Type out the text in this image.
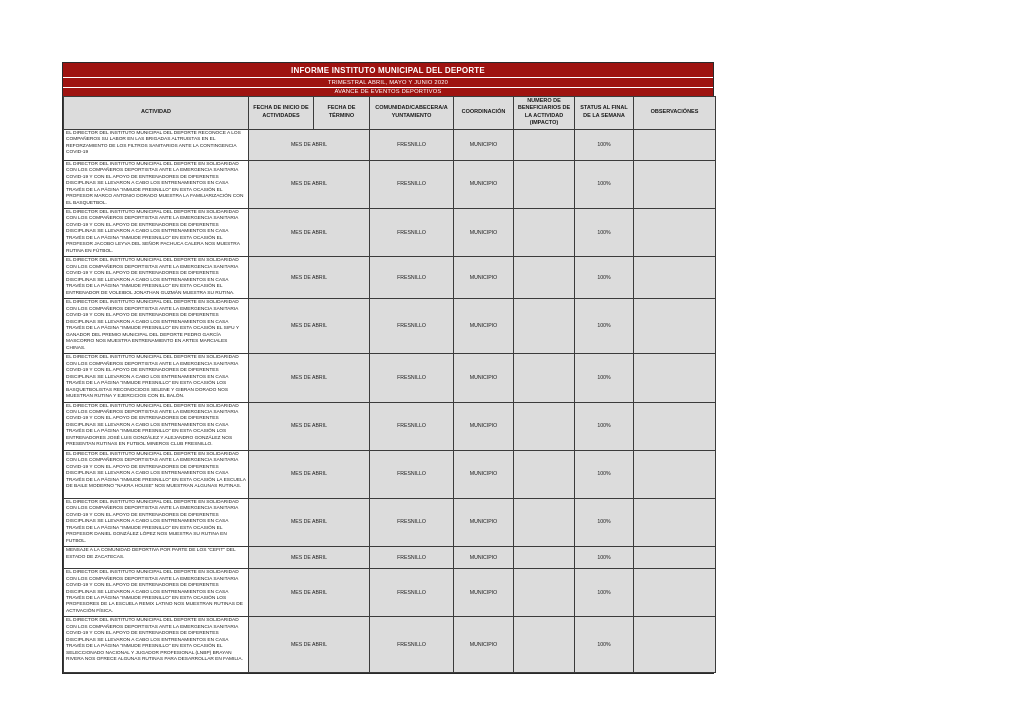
INFORME INSTITUTO MUNICIPAL DEL DEPORTE
TRIMESTRAL ABRIL, MAYO Y JUNIO 2020
AVANCE DE EVENTOS DEPORTIVOS
ACTIVIDAD	FECHA DE INICIO DE ACTIVIDADES	FECHA DE TÉRMINO	COMUNIDAD/CABECERA/A YUNTAMIENTO	COORDINACIÓN	NUMERO DE BENEFICIARIOS DE LA ACTIVIDAD (IMPACTO)	STATUS AL FINAL DE LA SEMANA	OBSERVACIÓNES
EL DIRECTOR DEL INSTITUTO MUNICIPAL DEL DEPORTE RECONOCE A LOS COMPAÑEROS SU LABOR EN LAS BRIGADAS ALTRUISTAS EN EL REFORZAMIENTO DE LOS FILTROS SANITARIOS ANTE LA CONTINGENCIA COVID-19	MES DE ABRIL		FRESNILLO	MUNICIPIO		100%	
EL DIRECTOR DEL INSTITUTO MUNICIPAL DEL DEPORTE EN SOLIDARIDAD CON LOS COMPAÑEROS DEPORTISTAS ANTE LA EMERGENCIA SANITARIA COVID-19 Y CON EL APOYO DE ENTRENADORES DE DIFERENTES DISCIPLINAS SE LLEVARON A CABO LOS ENTRENAMIENTOS EN CASA TRAVÉS DE LA PÁGINA "INMUDE FRESNILLO" EN ESTA OCASIÓN EL PROFESOR MARCO ANTONIO DORADO MUESTRA LA FAMILIARIZACIÓN CON EL BASQUETBOL.	MES DE ABRIL		FRESNILLO	MUNICIPIO		100%	
EL DIRECTOR DEL INSTITUTO MUNICIPAL DEL DEPORTE EN SOLIDARIDAD CON LOS COMPAÑEROS DEPORTISTAS ANTE LA EMERGENCIA SANITARIA COVID-19 Y CON EL APOYO DE ENTRENADORES DE DIFERENTES DISCIPLINAS SE LLEVARON A CABO LOS ENTRENAMIENTOS EN CASA TRAVÉS DE LA PÁGINA "INMUDE FRESNILLO" EN ESTA OCASIÓN EL PROFESOR JACOBO LEYVA DEL SEÑOR PACHUCA CALERA NOS MUESTRA RUTINA EN FÚTBOL.	MES DE ABRIL		FRESNILLO	MUNICIPIO		100%	
EL DIRECTOR DEL INSTITUTO MUNICIPAL DEL DEPORTE EN SOLIDARIDAD CON LOS COMPAÑEROS DEPORTISTAS ANTE LA EMERGENCIA SANITARIA COVID-19 Y CON EL APOYO DE ENTRENADORES DE DIFERENTES DISCIPLINAS SE LLEVARON A CABO LOS ENTRENAMIENTOS EN CASA TRAVÉS DE LA PÁGINA "INMUDE FRESNILLO" EN ESTA OCASIÓN EL ENTRENADOR DE VOLEIBOL JONATHAN GUZMÁN MUESTRA SU RUTINA.	MES DE ABRIL		FRESNILLO	MUNICIPIO		100%	
EL DIRECTOR DEL INSTITUTO MUNICIPAL DEL DEPORTE EN SOLIDARIDAD CON LOS COMPAÑEROS DEPORTISTAS ANTE LA EMERGENCIA SANITARIA COVID-19 Y CON EL APOYO DE ENTRENADORES DE DIFERENTES DISCIPLINAS SE LLEVARON A CABO LOS ENTRENAMIENTOS EN CASA TRAVÉS DE LA PÁGINA "INMUDE FRESNILLO" EN ESTA OCASIÓN EL SIFU Y GANADOR DEL PREMIO MUNICIPAL DEL DEPORTE PEDRO GARCÍA MASCORRO NOS MUESTRA ENTRENAMIENTO EN ARTES MARCIALES CHINAS.	MES DE ABRIL		FRESNILLO	MUNICIPIO		100%	
EL DIRECTOR DEL INSTITUTO MUNICIPAL DEL DEPORTE EN SOLIDARIDAD CON LOS COMPAÑEROS DEPORTISTAS ANTE LA EMERGENCIA SANITARIA COVID-19 Y CON EL APOYO DE ENTRENADORES DE DIFERENTES DISCIPLINAS SE LLEVARON A CABO LOS ENTRENAMIENTOS EN CASA TRAVÉS DE LA PÁGINA "INMUDE FRESNILLO" EN ESTA OCASIÓN LOS BASQUETBOLISTAS RECONOCIDOS SELENE Y GIBRAN DORADO NOS MUESTRAN RUTINA Y EJERCICIOS CON EL BALÓN.	MES DE ABRIL		FRESNILLO	MUNICIPIO		100%	
EL DIRECTOR DEL INSTITUTO MUNICIPAL DEL DEPORTE EN SOLIDARIDAD CON LOS COMPAÑEROS DEPORTISTAS ANTE LA EMERGENCIA SANITARIA COVID-19 Y CON EL APOYO DE ENTRENADORES DE DIFERENTES DISCIPLINAS SE LLEVARON A CABO LOS ENTRENAMIENTOS EN CASA TRAVÉS DE LA PÁGINA "INMUDE FRESNILLO" EN ESTA OCASIÓN LOS ENTRENADORES JOSÉ LUIS GONZÁLEZ Y ALEJANDRO GONZÁLEZ NOS PRESENTAN RUTINAS EN FUTBOL MINEROS CLUB FRESNILLO.	MES DE ABRIL		FRESNILLO	MUNICIPIO		100%	
EL DIRECTOR DEL INSTITUTO MUNICIPAL DEL DEPORTE EN SOLIDARIDAD CON LOS COMPAÑEROS DEPORTISTAS ANTE LA EMERGENCIA SANITARIA COVID-19 Y CON EL APOYO DE ENTRENADORES DE DIFERENTES DISCIPLINAS SE LLEVARON A CABO LOS ENTRENAMIENTOS EN CASA TRAVÉS DE LA PÁGINA "INMUDE FRESNILLO" EN ESTA OCASIÓN LA ESCUELA DE BAILE MODERNO "NAKRA HOUSE" NOS MUESTRAN ALGUNAS RUTINAS.	MES DE ABRIL		FRESNILLO	MUNICIPIO		100%	
EL DIRECTOR DEL INSTITUTO MUNICIPAL DEL DEPORTE EN SOLIDARIDAD CON LOS COMPAÑEROS DEPORTISTAS ANTE LA EMERGENCIA SANITARIA COVID-19 Y CON EL APOYO DE ENTRENADORES DE DIFERENTES DISCIPLINAS SE LLEVARON A CABO LOS ENTRENAMIENTOS EN CASA TRAVÉS DE LA PÁGINA "INMUDE FRESNILLO" EN ESTA OCASIÓN EL PROFESOR DANIEL GONZÁLEZ LÓPEZ NOS MUESTRA SU RUTINA EN FUTBOL.	MES DE ABRIL		FRESNILLO	MUNICIPIO		100%	
MENSAJE A LA COMUNIDAD DEPORTIVA POR PARTE DE LOS "CEFIT" DEL ESTADO DE ZACATECAS.	MES DE ABRIL		FRESNILLO	MUNICIPIO		100%	
EL DIRECTOR DEL INSTITUTO MUNICIPAL DEL DEPORTE EN SOLIDARIDAD CON LOS COMPAÑEROS DEPORTISTAS ANTE LA EMERGENCIA SANITARIA COVID-19 Y CON EL APOYO DE ENTRENADORES DE DIFERENTES DISCIPLINAS SE LLEVARON A CABO LOS ENTRENAMIENTOS EN CASA TRAVÉS DE LA PÁGINA "INMUDE FRESNILLO" EN ESTA OCASIÓN LOS PROFESORES DE LA ESCUELA REMIX LATINO NOS MUESTRAN RUTINAS DE ACTIVACIÓN FÍSICA.	MES DE ABRIL		FRESNILLO	MUNICIPIO		100%	
EL DIRECTOR DEL INSTITUTO MUNICIPAL DEL DEPORTE EN SOLIDARIDAD CON LOS COMPAÑEROS DEPORTISTAS ANTE LA EMERGENCIA SANITARIA COVID-19 Y CON EL APOYO DE ENTRENADORES DE DIFERENTES DISCIPLINAS SE LLEVARON A CABO LOS ENTRENAMIENTOS EN CASA TRAVÉS DE LA PÁGINA "INMUDE FRESNILLO" EN ESTA OCASIÓN EL SELECCIONADO NACIONAL Y JUGADOR PROFESIONAL (LNBP) BRAYAN RIVERA NOS OFRECE ALGUNAS RUTINAS PARA DESARROLLAR EN FAMILIA.	MES DE ABRIL		FRESNILLO	MUNICIPIO		100%	
